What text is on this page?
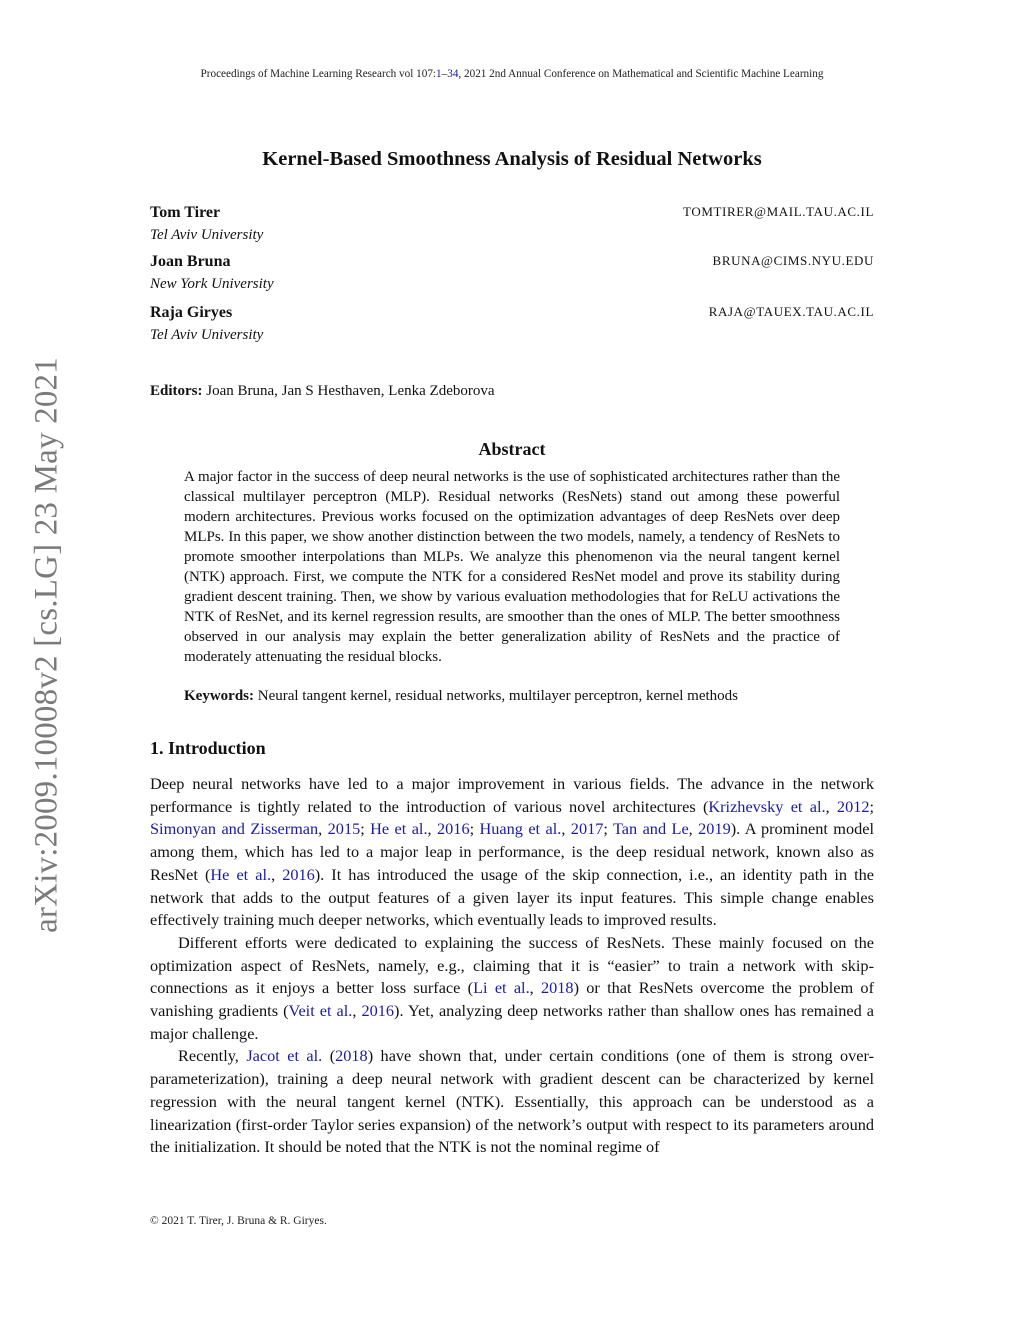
Proceedings of Machine Learning Research vol 107:1–34, 2021 2nd Annual Conference on Mathematical and Scientific Machine Learning
arXiv:2009.10008v2 [cs.LG] 23 May 2021
Kernel-Based Smoothness Analysis of Residual Networks
Tom Tirer
Tel Aviv University
TOMTIRER@MAIL.TAU.AC.IL
Joan Bruna
New York University
BRUNA@CIMS.NYU.EDU
Raja Giryes
Tel Aviv University
RAJA@TAUEX.TAU.AC.IL
Editors: Joan Bruna, Jan S Hesthaven, Lenka Zdeborova
Abstract
A major factor in the success of deep neural networks is the use of sophisticated architectures rather than the classical multilayer perceptron (MLP). Residual networks (ResNets) stand out among these powerful modern architectures. Previous works focused on the optimization advantages of deep ResNets over deep MLPs. In this paper, we show another distinction between the two models, namely, a tendency of ResNets to promote smoother interpolations than MLPs. We analyze this phenomenon via the neural tangent kernel (NTK) approach. First, we compute the NTK for a considered ResNet model and prove its stability during gradient descent training. Then, we show by various evaluation methodologies that for ReLU activations the NTK of ResNet, and its kernel regression results, are smoother than the ones of MLP. The better smoothness observed in our analysis may explain the better generalization ability of ResNets and the practice of moderately attenuating the residual blocks.
Keywords: Neural tangent kernel, residual networks, multilayer perceptron, kernel methods
1. Introduction

Deep neural networks have led to a major improvement in various fields. The advance in the network performance is tightly related to the introduction of various novel architectures (Krizhevsky et al., 2012; Simonyan and Zisserman, 2015; He et al., 2016; Huang et al., 2017; Tan and Le, 2019). A prominent model among them, which has led to a major leap in performance, is the deep residual network, known also as ResNet (He et al., 2016). It has introduced the usage of the skip connection, i.e., an identity path in the network that adds to the output features of a given layer its input features. This simple change enables effectively training much deeper networks, which eventually leads to improved results.

Different efforts were dedicated to explaining the success of ResNets. These mainly focused on the optimization aspect of ResNets, namely, e.g., claiming that it is “easier” to train a network with skip-connections as it enjoys a better loss surface (Li et al., 2018) or that ResNets overcome the problem of vanishing gradients (Veit et al., 2016). Yet, analyzing deep networks rather than shallow ones has remained a major challenge.

Recently, Jacot et al. (2018) have shown that, under certain conditions (one of them is strong over-parameterization), training a deep neural network with gradient descent can be characterized by kernel regression with the neural tangent kernel (NTK). Essentially, this approach can be understood as a linearization (first-order Taylor series expansion) of the network’s output with respect to its parameters around the initialization. It should be noted that the NTK is not the nominal regime of

© 2021 T. Tirer, J. Bruna & R. Giryes.
